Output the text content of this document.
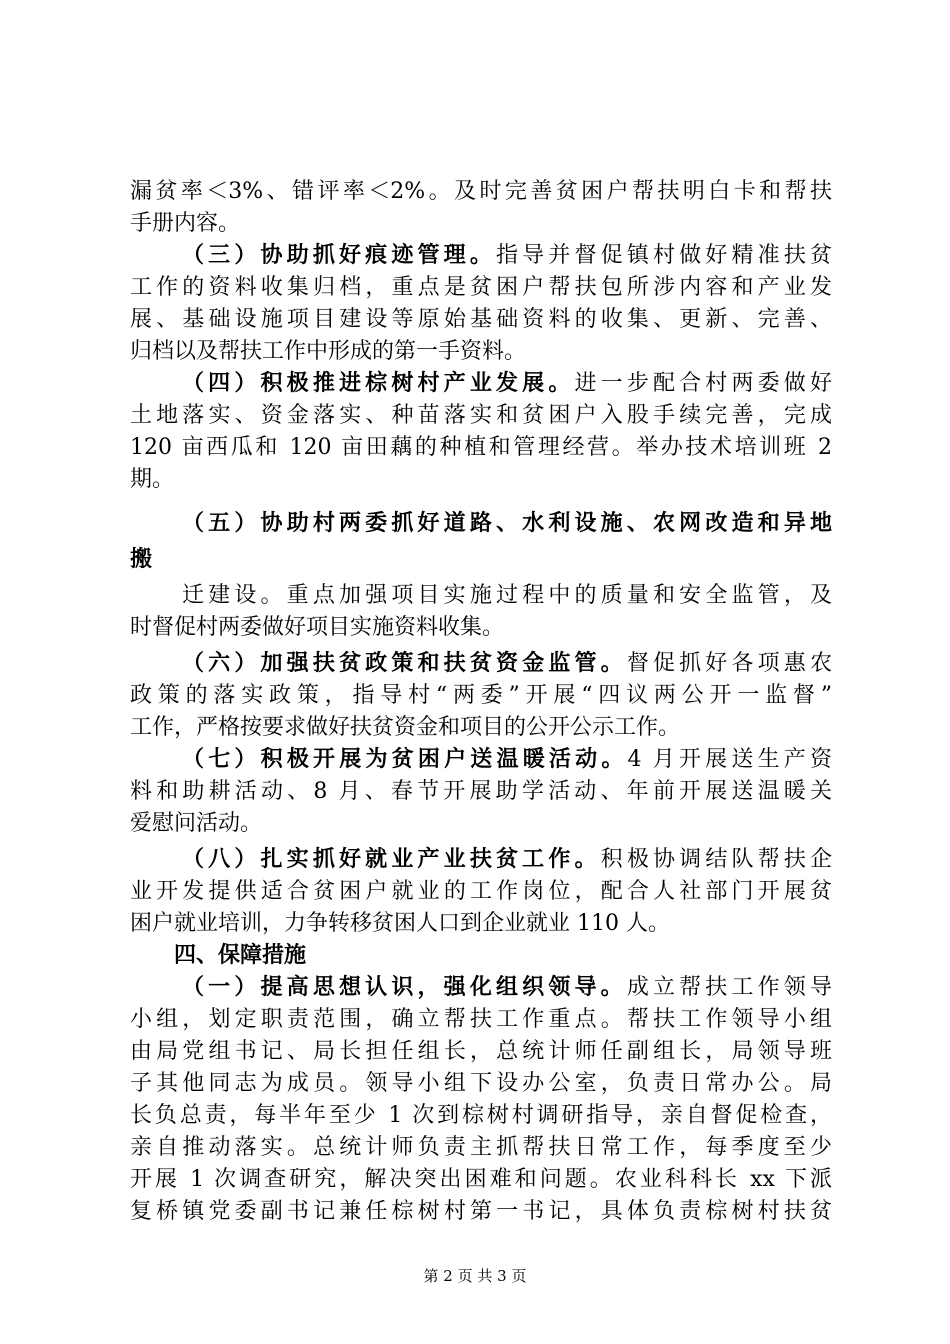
漏贫率＜3%、错评率＜2%。及时完善贫困户帮扶明白卡和帮扶
手册内容。
（三）协助抓好痕迹管理。指导并督促镇村做好精准扶贫
工作的资料收集归档，重点是贫困户帮扶包所涉内容和产业发
展、基础设施项目建设等原始基础资料的收集、更新、完善、
归档以及帮扶工作中形成的第一手资料。
（四）积极推进棕树村产业发展。进一步配合村两委做好
土地落实、资金落实、种苗落实和贫困户入股手续完善，完成
120 亩西瓜和 120 亩田藕的种植和管理经营。举办技术培训班 2
期。
（五）协助村两委抓好道路、水利设施、农网改造和异地
搬
迁建设。重点加强项目实施过程中的质量和安全监管，及
时督促村两委做好项目实施资料收集。
（六）加强扶贫政策和扶贫资金监管。督促抓好各项惠农
政策的落实政策，指导村“两委”开展“四议两公开一监督”
工作，严格按要求做好扶贫资金和项目的公开公示工作。
（七）积极开展为贫困户送温暖活动。4 月开展送生产资
料和助耕活动、8 月、春节开展助学活动、年前开展送温暖关
爱慰问活动。
（八）扎实抓好就业产业扶贫工作。积极协调结队帮扶企
业开发提供适合贫困户就业的工作岗位，配合人社部门开展贫
困户就业培训，力争转移贫困人口到企业就业 110 人。
四、保障措施
（一）提高思想认识，强化组织领导。成立帮扶工作领导
小组，划定职责范围，确立帮扶工作重点。帮扶工作领导小组
由局党组书记、局长担任组长，总统计师任副组长，局领导班
子其他同志为成员。领导小组下设办公室，负责日常办公。局
长负总责，每半年至少 1 次到棕树村调研指导，亲自督促检查，
亲自推动落实。总统计师负责主抓帮扶日常工作，每季度至少
开展 1 次调查研究，解决突出困难和问题。农业科科长 xx 下派
复桥镇党委副书记兼任棕树村第一书记，具体负责棕树村扶贫
第 2 页 共 3 页
